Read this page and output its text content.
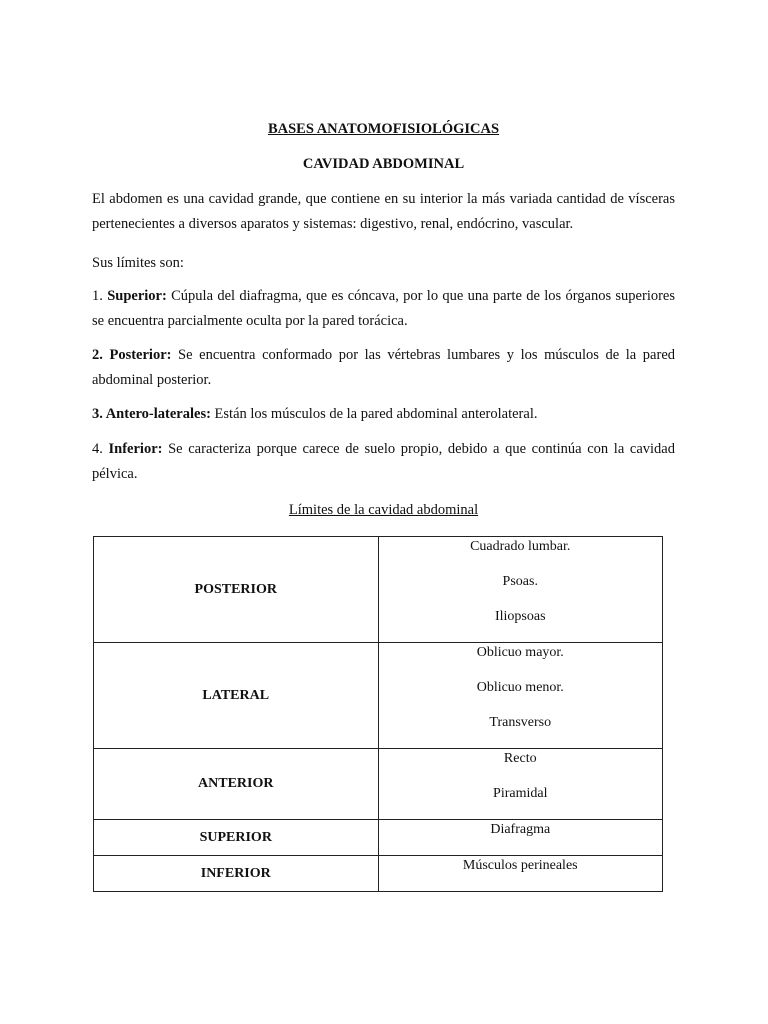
BASES ANATOMOFISIOLÓGICAS
CAVIDAD ABDOMINAL

El abdomen es una cavidad grande, que contiene en su interior la más variada cantidad de vísceras pertenecientes a diversos aparatos y sistemas: digestivo, renal, endócrino, vascular.

Sus límites son:

1. Superior: Cúpula del diafragma, que es cóncava, por lo que una parte de los órganos superiores se encuentra parcialmente oculta por la pared torácica.

2. Posterior: Se encuentra conformado por las vértebras lumbares y los músculos de la pared abdominal posterior.

3. Antero-laterales: Están los músculos de la pared abdominal anterolateral.

4. Inferior: Se caracteriza porque carece de suelo propio, debido a que continúa con la cavidad pélvica.

Límites de la cavidad abdominal
POSTERIOR	Cuadrado lumbar.
Psoas.
Iliopsoas

LATERAL	Oblicuo mayor.
Oblicuo menor.
Transverso

ANTERIOR	Recto
Piramidal

SUPERIOR	Diafragma

INFERIOR	Músculos perineales
